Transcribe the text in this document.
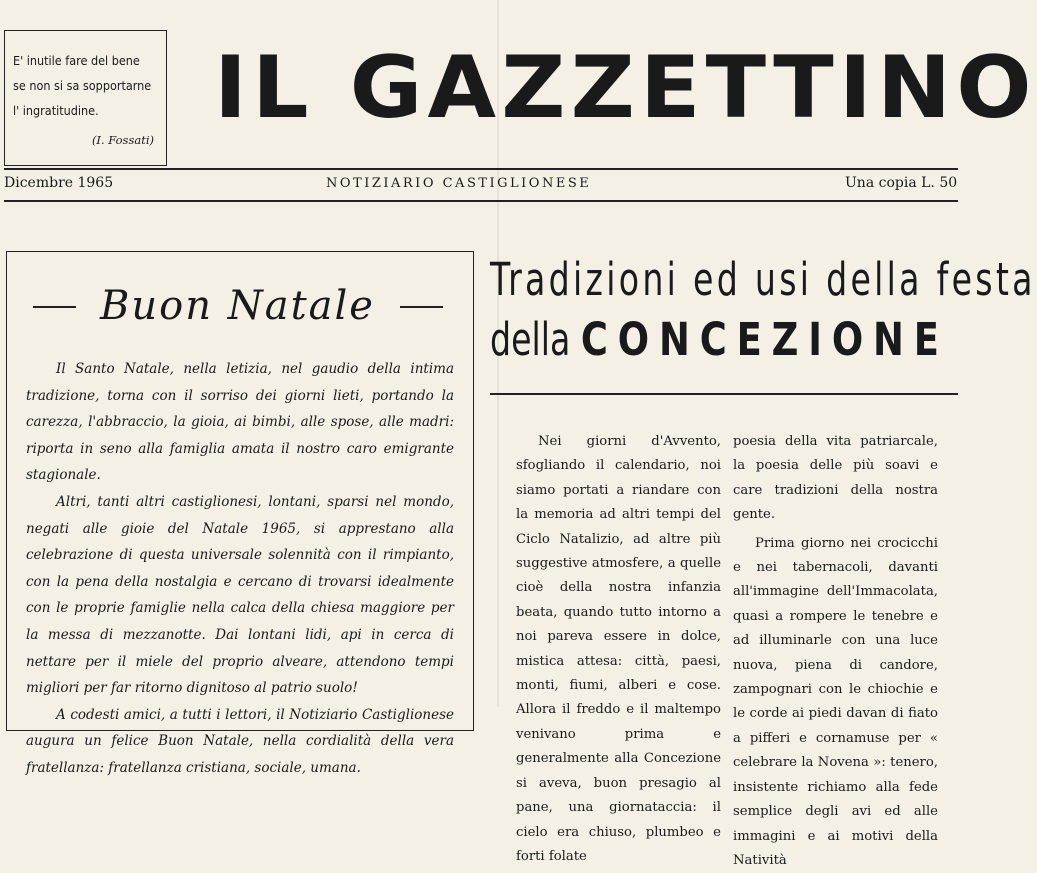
E' inutile fare del bene
se non si sa sopportarne
l' ingratitudine.
(I. Fossati)
IL GAZZETTINO
Dicembre 1965	NOTIZIARIO CASTIGLIONESE	Una copia L. 50
Buon Natale

Il Santo Natale, nella letizia, nel gaudio della intima tradizione, torna con il sorriso dei giorni lieti, portando la carezza, l'abbraccio, la gioia, ai bimbi, alle spose, alle madri: riporta in seno alla famiglia amata il nostro caro emigrante stagionale.

Altri, tanti altri castiglionesi, lontani, sparsi nel mondo, negati alle gioie del Natale 1965, si apprestano alla celebrazione di questa universale solennità con il rimpianto, con la pena della nostalgia e cercano di trovarsi idealmente con le proprie famiglie nella calca della chiesa maggiore per la messa di mezzanotte. Dai lontani lidi, api in cerca di nettare per il miele del proprio alveare, attendono tempi migliori per far ritorno dignitoso al patrio suolo!

A codesti amici, a tutti i lettori, il Notiziario Castiglionese augura un felice Buon Natale, nella cordialità della vera fratellanza: fratellanza cristiana, sociale, umana.

Tradizioni ed usi della festa
della CONCEZIONE

Nei giorni d'Avvento, sfogliando il calendario, noi siamo portati a riandare con la memoria ad altri tempi del Ciclo Natalizio, ad altre più suggestive atmosfere, a quelle cioè della nostra infanzia beata, quando tutto intorno a noi pareva essere in dolce, mistica attesa: città, paesi, monti, fiumi, alberi e cose. Allora il freddo e il maltempo venivano prima e generalmente alla Concezione si aveva, buon presagio al pane, una giornataccia: il cielo era chiuso, plumbeo e forti folate

poesia della vita patriarcale, la poesia delle più soavi e care tradizioni della nostra gente.

Prima giorno nei crocicchi e nei tabernacoli, davanti all'immagine dell'Immacolata, quasi a rompere le tenebre e ad illuminarle con una luce nuova, piena di candore, zampognari con le chiochie e le corde ai piedi davan di fiato a pifferi e cornamuse per « celebrare la Novena »: tenero, insistente richiamo alla fede semplice degli avi ed alle immagini e ai motivi della Natività
